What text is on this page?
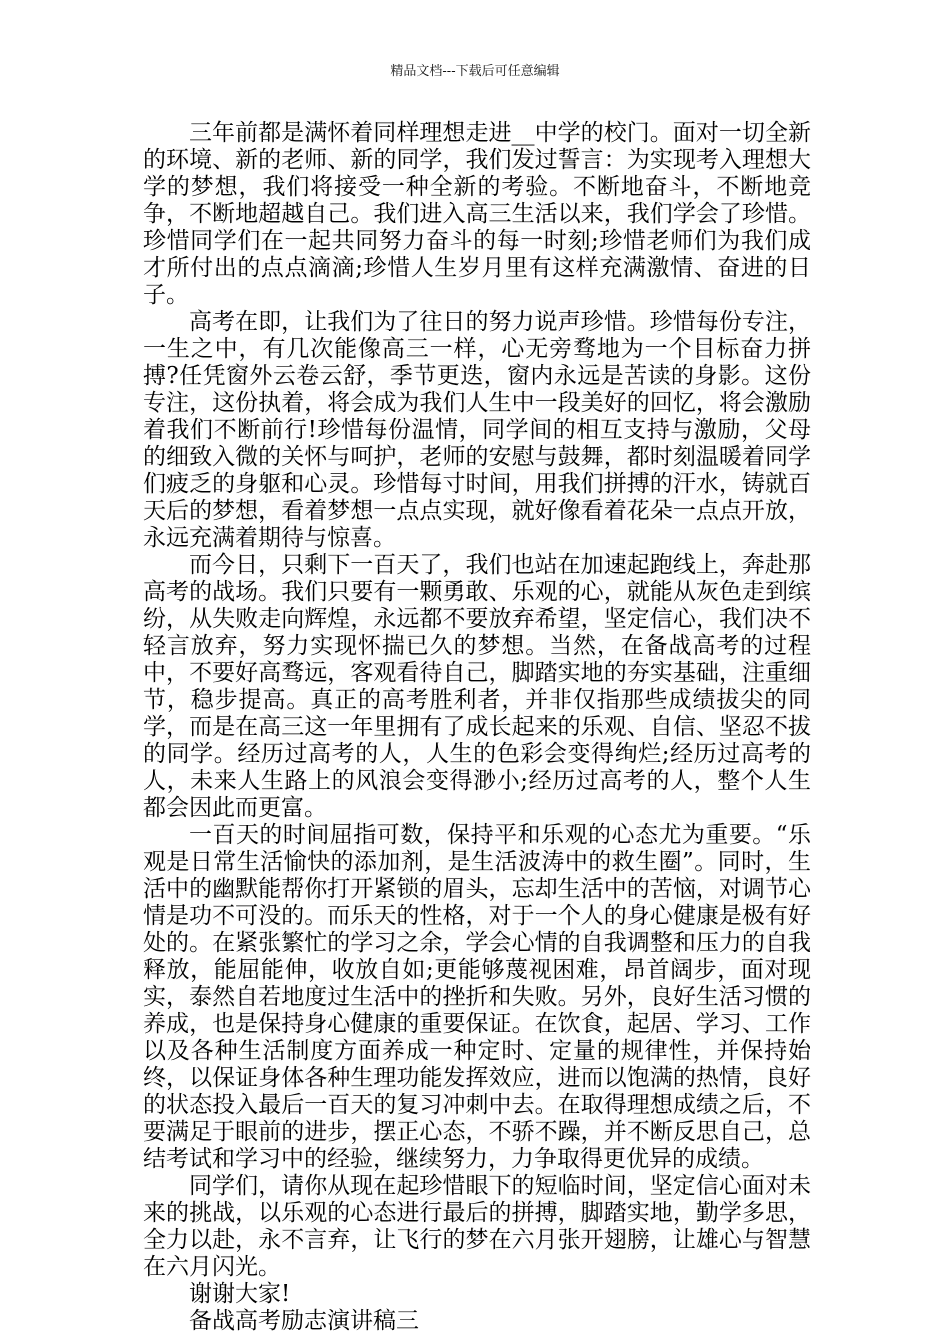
精品文档---下载后可任意编辑

三年前都是满怀着同样理想走进__中学的校门。面对一切全新的环境、新的老师、新的同学，我们发过誓言：为实现考入理想大学的梦想，我们将接受一种全新的考验。不断地奋斗，不断地竞争，不断地超越自己。我们进入高三生活以来，我们学会了珍惜。珍惜同学们在一起共同努力奋斗的每一时刻;珍惜老师们为我们成才所付出的点点滴滴;珍惜人生岁月里有这样充满激情、奋进的日子。

高考在即，让我们为了往日的努力说声珍惜。珍惜每份专注，一生之中，有几次能像高三一样，心无旁骛地为一个目标奋力拼搏?任凭窗外云卷云舒，季节更迭，窗内永远是苦读的身影。这份专注，这份执着，将会成为我们人生中一段美好的回忆，将会激励着我们不断前行!珍惜每份温情，同学间的相互支持与激励，父母的细致入微的关怀与呵护，老师的安慰与鼓舞，都时刻温暖着同学们疲乏的身躯和心灵。珍惜每寸时间，用我们拼搏的汗水，铸就百天后的梦想，看着梦想一点点实现，就好像看着花朵一点点开放，永远充满着期待与惊喜。

而今日，只剩下一百天了，我们也站在加速起跑线上，奔赴那高考的战场。我们只要有一颗勇敢、乐观的心，就能从灰色走到缤纷，从失败走向辉煌，永远都不要放弃希望，坚定信心，我们决不轻言放弃，努力实现怀揣已久的梦想。当然，在备战高考的过程中，不要好高骛远，客观看待自己，脚踏实地的夯实基础，注重细节，稳步提高。真正的高考胜利者，并非仅指那些成绩拔尖的同学，而是在高三这一年里拥有了成长起来的乐观、自信、坚忍不拔的同学。经历过高考的人，人生的色彩会变得绚烂;经历过高考的人，未来人生路上的风浪会变得渺小;经历过高考的人，整个人生都会因此而更富。

一百天的时间屈指可数，保持平和乐观的心态尤为重要。“乐观是日常生活愉快的添加剂，是生活波涛中的救生圈”。同时，生活中的幽默能帮你打开紧锁的眉头，忘却生活中的苦恼，对调节心情是功不可没的。而乐天的性格，对于一个人的身心健康是极有好处的。在紧张繁忙的学习之余，学会心情的自我调整和压力的自我释放，能屈能伸，收放自如;更能够蔑视困难，昂首阔步，面对现实，泰然自若地度过生活中的挫折和失败。另外，良好生活习惯的养成，也是保持身心健康的重要保证。在饮食，起居、学习、工作以及各种生活制度方面养成一种定时、定量的规律性，并保持始终，以保证身体各种生理功能发挥效应，进而以饱满的热情，良好的状态投入最后一百天的复习冲刺中去。在取得理想成绩之后，不要满足于眼前的进步，摆正心态，不骄不躁，并不断反思自己，总结考试和学习中的经验，继续努力，力争取得更优异的成绩。

同学们，请你从现在起珍惜眼下的短临时间，坚定信心面对未来的挑战，以乐观的心态进行最后的拼搏，脚踏实地，勤学多思，全力以赴，永不言弃，让飞行的梦在六月张开翅膀，让雄心与智慧在六月闪光。

谢谢大家!

备战高考励志演讲稿三
